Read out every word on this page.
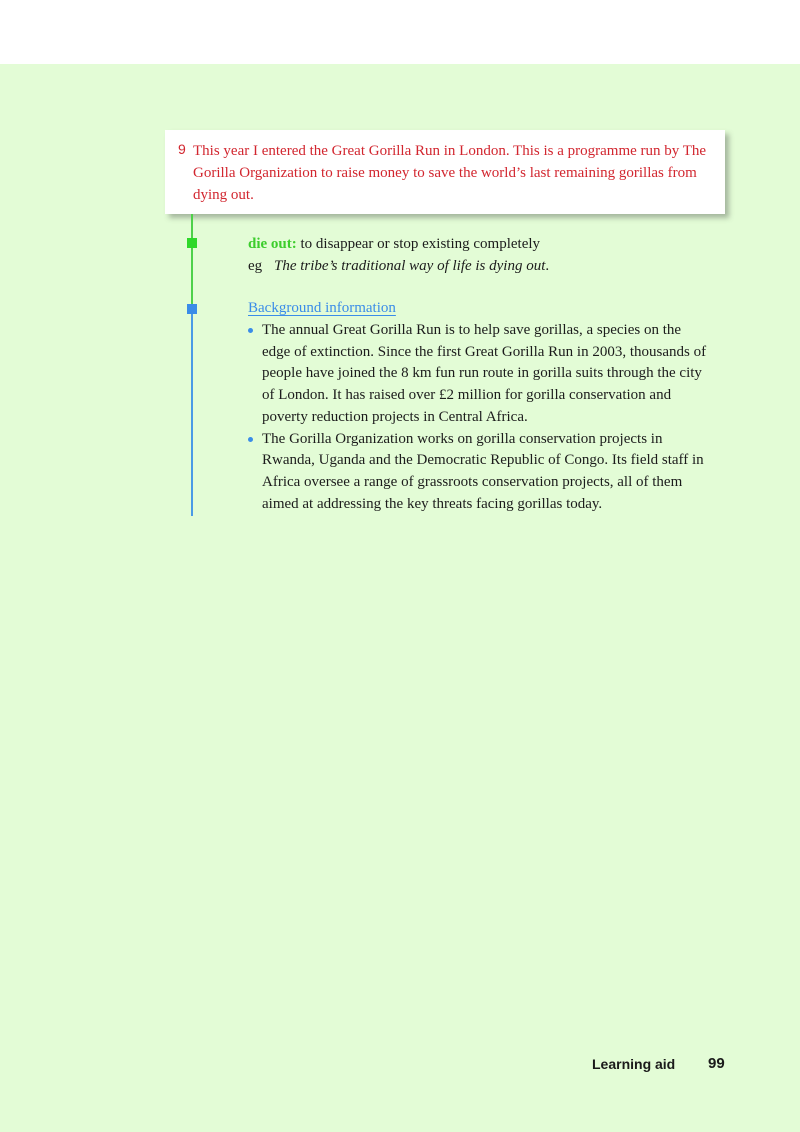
9 This year I entered the Great Gorilla Run in London. This is a programme run by The Gorilla Organization to raise money to save the world’s last remaining gorillas from dying out.
die out: to disappear or stop existing completely
eg The tribe’s traditional way of life is dying out.
Background information
The annual Great Gorilla Run is to help save gorillas, a species on the edge of extinction. Since the first Great Gorilla Run in 2003, thousands of people have joined the 8 km fun run route in gorilla suits through the city of London. It has raised over £2 million for gorilla conservation and poverty reduction projects in Central Africa.
The Gorilla Organization works on gorilla conservation projects in Rwanda, Uganda and the Democratic Republic of Congo. Its field staff in Africa oversee a range of grassroots conservation projects, all of them aimed at addressing the key threats facing gorillas today.
Learning aid 99
